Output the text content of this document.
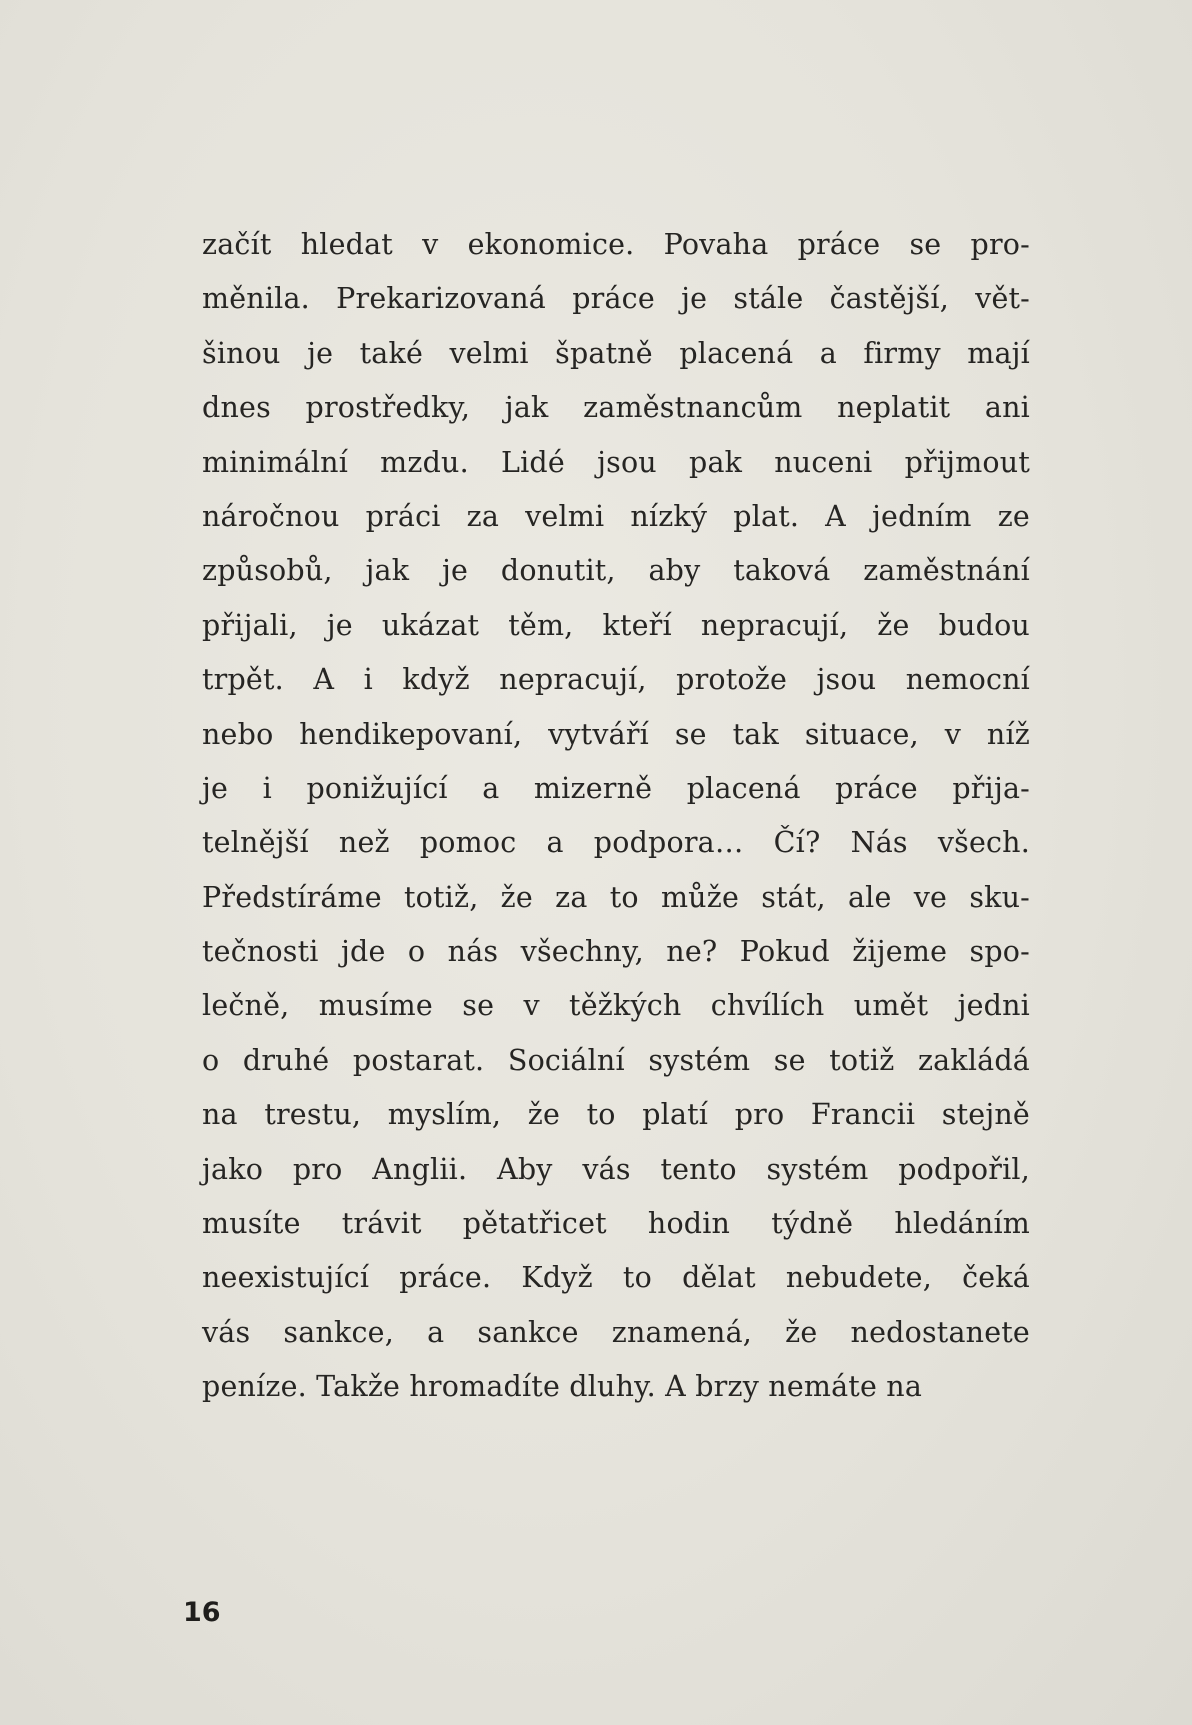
začít hledat v ekonomice. Povaha práce se pro-
měnila. Prekarizovaná práce je stále častější, vět-
šinou je také velmi špatně placená a firmy mají
dnes prostředky, jak zaměstnancům neplatit ani
minimální mzdu. Lidé jsou pak nuceni přijmout
náročnou práci za velmi nízký plat. A jedním ze
způsobů, jak je donutit, aby taková zaměstnání
přijali, je ukázat těm, kteří nepracují, že budou
trpět. A i když nepracují, protože jsou nemocní
nebo hendikepovaní, vytváří se tak situace, v níž
je i ponižující a mizerně placená práce přija-
telnější než pomoc a podpora… Čí? Nás všech.
Předstíráme totiž, že za to může stát, ale ve sku-
tečnosti jde o nás všechny, ne? Pokud žijeme spo-
lečně, musíme se v těžkých chvílích umět jedni
o druhé postarat. Sociální systém se totiž zakládá
na trestu, myslím, že to platí pro Francii stejně
jako pro Anglii. Aby vás tento systém podpořil,
musíte trávit pětatřicet hodin týdně hledáním
neexistující práce. Když to dělat nebudete, čeká
vás sankce, a sankce znamená, že nedostanete
peníze. Takže hromadíte dluhy. A brzy nemáte na
16
